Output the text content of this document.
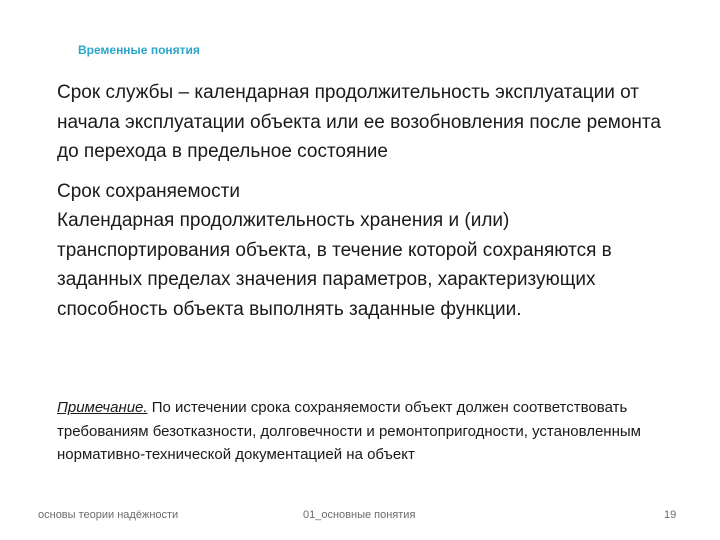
Временные понятия

Срок службы – календарная продолжительность эксплуатации от начала эксплуатации объекта или ее возобновления после ремонта до перехода в предельное состояние

Срок сохраняемости
Календарная продолжительность хранения и (или) транспортирования объекта, в течение которой сохраняются в заданных пределах значения параметров, характеризующих способность объекта выполнять заданные функции.

Примечание. По истечении срока сохраняемости объект должен соответствовать требованиям безотказности, долговечности и ремонтопригодности, установленным нормативно-технической документацией на объект

основы теории надёжности	01_основные понятия	19
